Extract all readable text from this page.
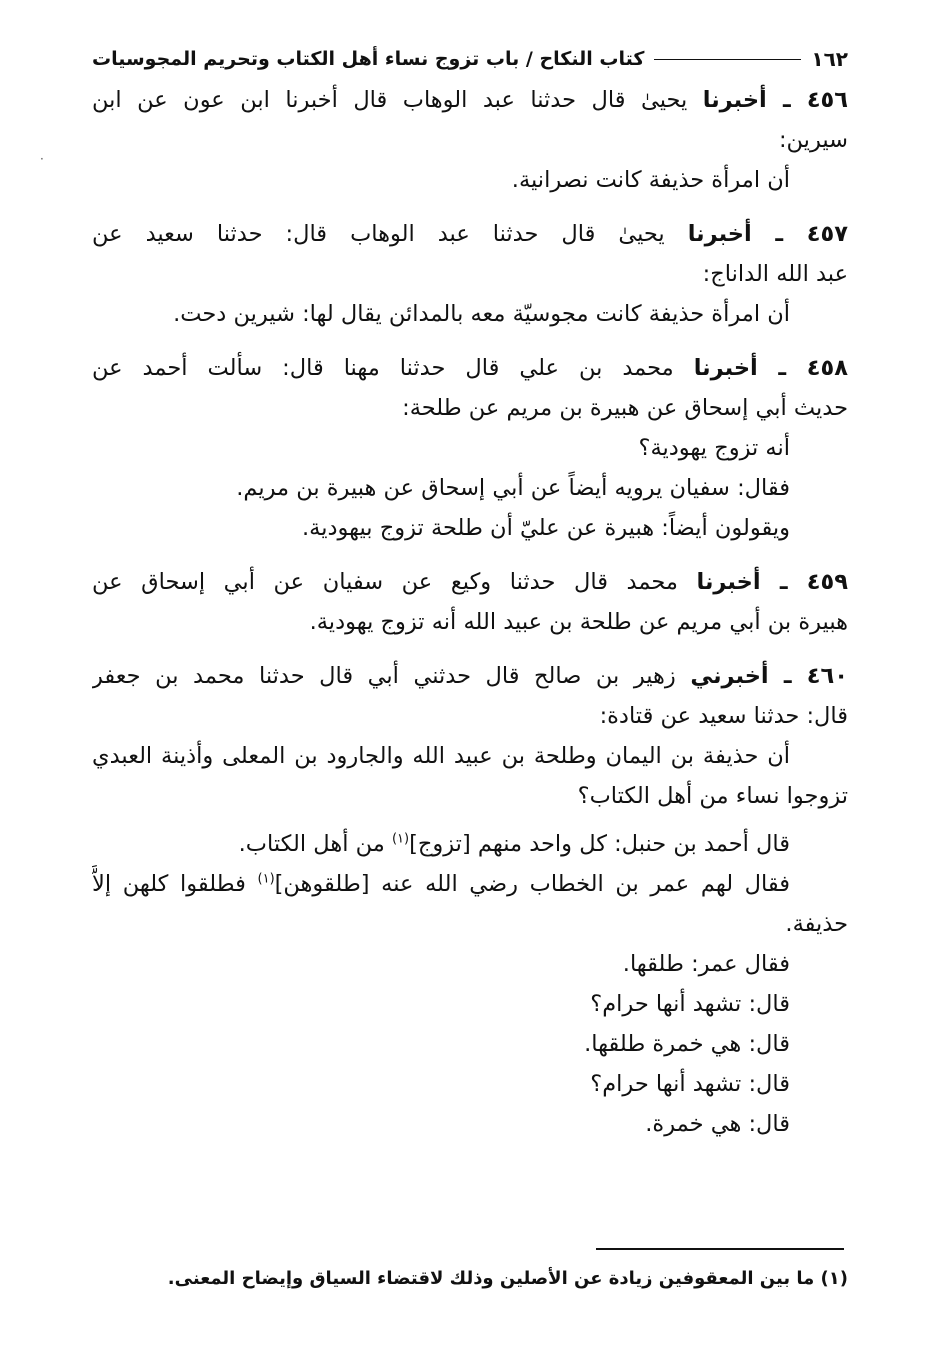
١٦٢
كتاب النكاح / باب تزوج نساء أهل الكتاب وتحريم المجوسيات
٤٥٦ ـ أخبرنا يحيىٰ قال حدثنا عبد الوهاب قال أخبرنا ابن عون عن ابن
سيرين:
أن امرأة حذيفة كانت نصرانية.
٤٥٧ ـ أخبرنا يحيىٰ قال حدثنا عبد الوهاب قال: حدثنا سعيد عن
عبد الله الداناج:
أن امرأة حذيفة كانت مجوسيّة معه بالمدائن يقال لها: شيرين دحت.
٤٥٨ ـ أخبرنا محمد بن علي قال حدثنا مهنا قال: سألت أحمد عن
حديث أبي إسحاق عن هبيرة بن مريم عن طلحة:
أنه تزوج يهودية؟
فقال: سفيان يرويه أيضاً عن أبي إسحاق عن هبيرة بن مريم.
ويقولون أيضاً: هبيرة عن عليّ أن طلحة تزوج بيهودية.
٤٥٩ ـ أخبرنا محمد قال حدثنا وكيع عن سفيان عن أبي إسحاق عن
هبيرة بن أبي مريم عن طلحة بن عبيد الله أنه تزوج يهودية.
٤٦٠ ـ أخبرني زهير بن صالح قال حدثني أبي قال حدثنا محمد بن جعفر
قال: حدثنا سعيد عن قتادة:
أن حذيفة بن اليمان وطلحة بن عبيد الله والجارود بن المعلى وأذينة العبدي
تزوجوا نساء من أهل الكتاب؟
قال أحمد بن حنبل: كل واحد منهم [تزوج]$^{(١)}$ من أهل الكتاب.
فقال لهم عمر بن الخطاب رضي الله عنه [طلقوهن]$^{(١)}$ فطلقوا كلهن إلاَّ
حذيفة.
فقال عمر: طلقها.
قال: تشهد أنها حرام؟
قال: هي خمرة طلقها.
قال: تشهد أنها حرام؟
قال: هي خمرة.
(١) ما بين المعقوفين زيادة عن الأصلين وذلك لاقتضاء السياق وإيضاح المعنى.
·
